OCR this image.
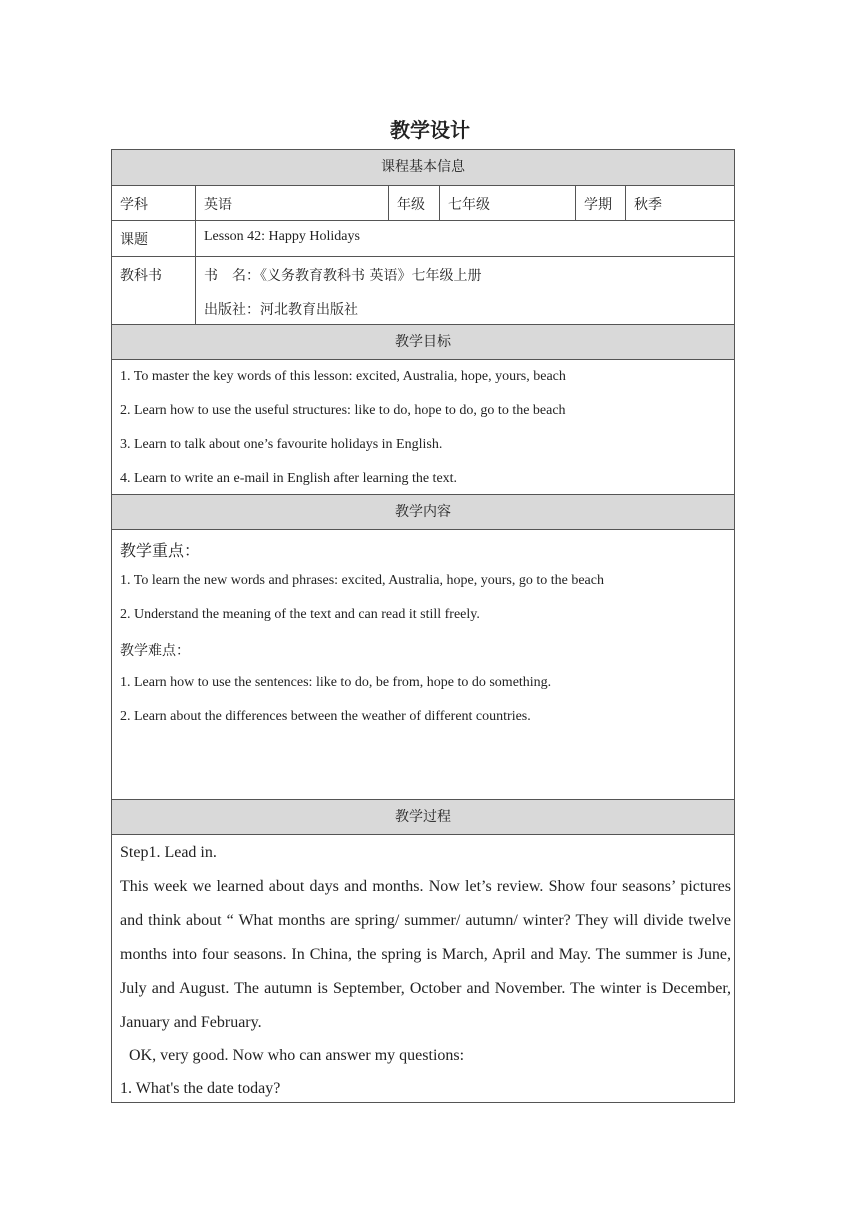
教学设计
课程基本信息
学科	英语	年级	七年级	学期	秋季
课题	Lesson 42: Happy Holidays
教科书	书　名：《义务教育教科书 英语》七年级上册
出版社：河北教育出版社
教学目标
1. To master the key words of this lesson: excited, Australia, hope, yours, beach
2. Learn how to use the useful structures: like to do, hope to do, go to the beach
3. Learn to talk about one’s favourite holidays in English.
4. Learn to write an e-mail in English after learning the text.
教学内容
教学重点：
1. To learn the new words and phrases: excited, Australia, hope, yours, go to the beach
2. Understand the meaning of the text and can read it still freely.
教学难点：
1. Learn how to use the sentences: like to do, be from, hope to do something.
2. Learn about the differences between the weather of different countries.
教学过程
Step1. Lead in.
This week we learned about days and months. Now let’s review. Show four seasons’ pictures and think about “ What months are spring/ summer/ autumn/ winter? They will divide twelve months into four seasons. In China, the spring is March, April and May. The summer is June, July and August. The autumn is September, October and November. The winter is December, January and February.
OK, very good. Now who can answer my questions:
1. What's the date today?
